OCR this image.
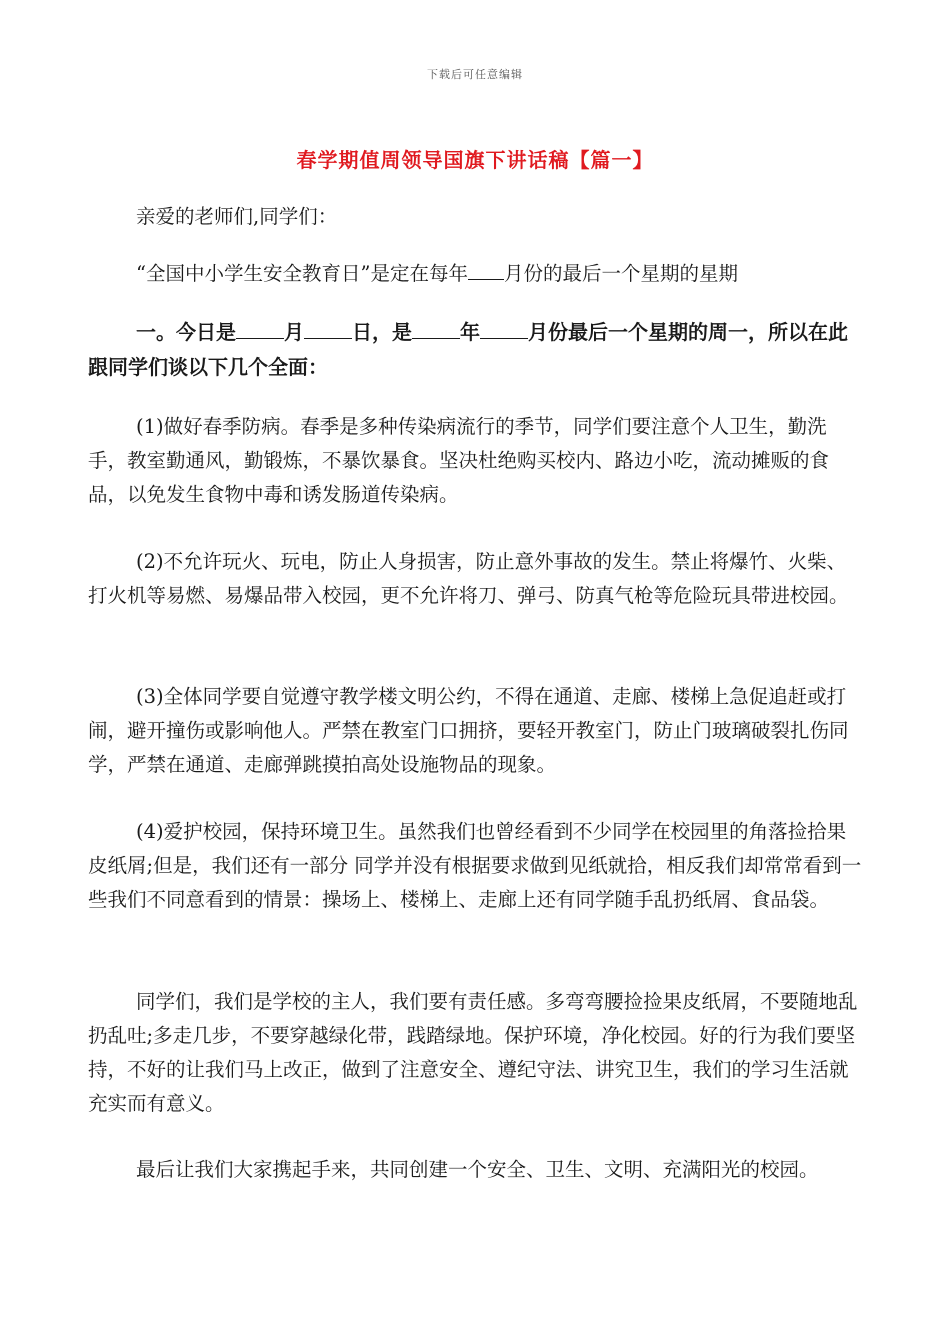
下载后可任意编辑
春学期值周领导国旗下讲话稿【篇一】

亲爱的老师们,同学们：

“全国中小学生安全教育日”是定在每年 月份的最后一个星期的星期

一。今日是 月 日，是 年 月份最后一个星期的周一，所以在此跟同学们谈以下几个全面：

(1)做好春季防病。春季是多种传染病流行的季节，同学们要注意个人卫生，勤洗手，教室勤通风，勤锻炼，不暴饮暴食。坚决杜绝购买校内、路边小吃，流动摊贩的食品，以免发生食物中毒和诱发肠道传染病。

(2)不允许玩火、玩电，防止人身损害，防止意外事故的发生。禁止将爆竹、火柴、打火机等易燃、易爆品带入校园，更不允许将刀、弹弓、防真气枪等危险玩具带进校园。

(3)全体同学要自觉遵守教学楼文明公约，不得在通道、走廊、楼梯上急促追赶或打闹，避开撞伤或影响他人。严禁在教室门口拥挤，要轻开教室门，防止门玻璃破裂扎伤同学，严禁在通道、走廊弹跳摸拍高处设施物品的现象。

(4)爱护校园，保持环境卫生。虽然我们也曾经看到不少同学在校园里的角落捡拾果皮纸屑;但是，我们还有一部分 同学并没有根据要求做到见纸就拾，相反我们却常常看到一些我们不同意看到的情景：操场上、楼梯上、走廊上还有同学随手乱扔纸屑、食品袋。

同学们，我们是学校的主人，我们要有责任感。多弯弯腰捡捡果皮纸屑，不要随地乱扔乱吐;多走几步，不要穿越绿化带，践踏绿地。保护环境，净化校园。好的行为我们要坚持，不好的让我们马上改正，做到了注意安全、遵纪守法、讲究卫生，我们的学习生活就充实而有意义。

最后让我们大家携起手来，共同创建一个安全、卫生、文明、充满阳光的校园。
